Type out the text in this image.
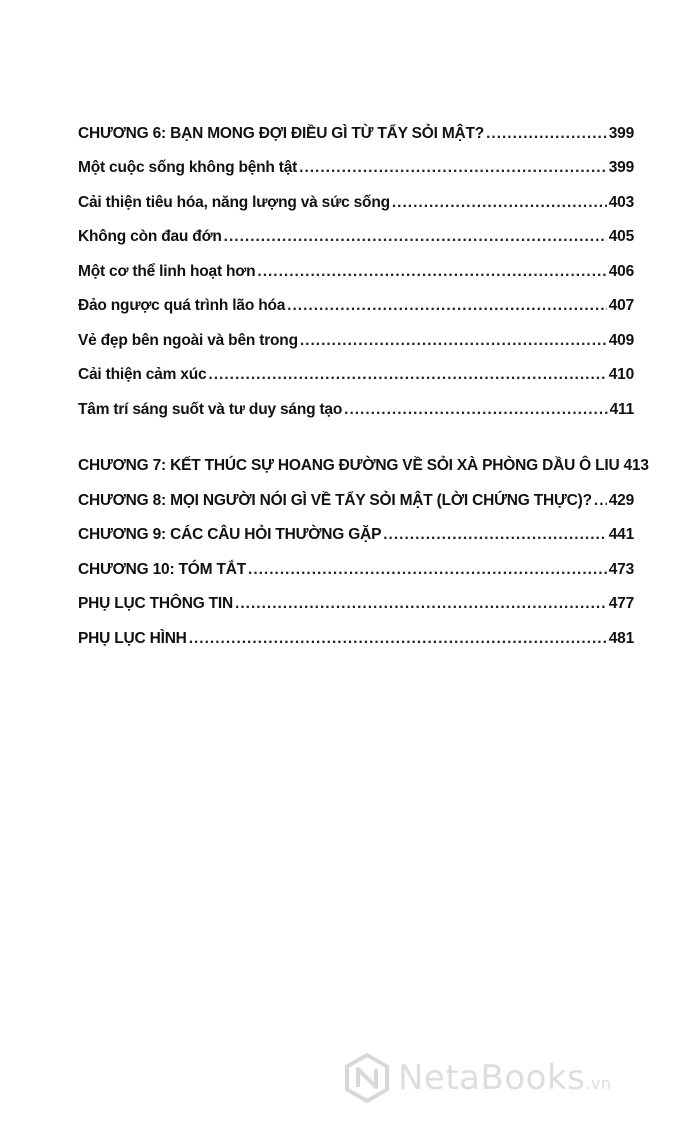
CHƯƠNG 6: BẠN MONG ĐỢI ĐIỀU GÌ TỪ TẨY SỎI MẬT? .....	399
Một cuộc sống không bệnh tật .....	399
Cải thiện tiêu hóa, năng lượng và sức sống .....	403
Không còn đau đớn .....	405
Một cơ thể linh hoạt hơn .....	406
Đảo ngược quá trình lão hóa .....	407
Vẻ đẹp bên ngoài và bên trong .....	409
Cải thiện cảm xúc .....	410
Tâm trí sáng suốt và tư duy sáng tạo .....	411
CHƯƠNG 7: KẾT THÚC SỰ HOANG ĐƯỜNG VỀ SỎI XÀ PHÒNG DẦU Ô LIU 413
CHƯƠNG 8: MỌI NGƯỜI NÓI GÌ VỀ TẨY SỎI MẬT (LỜI CHỨNG THỰC)? ..... 429
CHƯƠNG 9: CÁC CÂU HỎI THƯỜNG GẶP .....	441
CHƯƠNG 10: TÓM TẮT .....	473
PHỤ LỤC THÔNG TIN .....	477
PHỤ LỤC HÌNH .....	481
NetaBooks.vn
